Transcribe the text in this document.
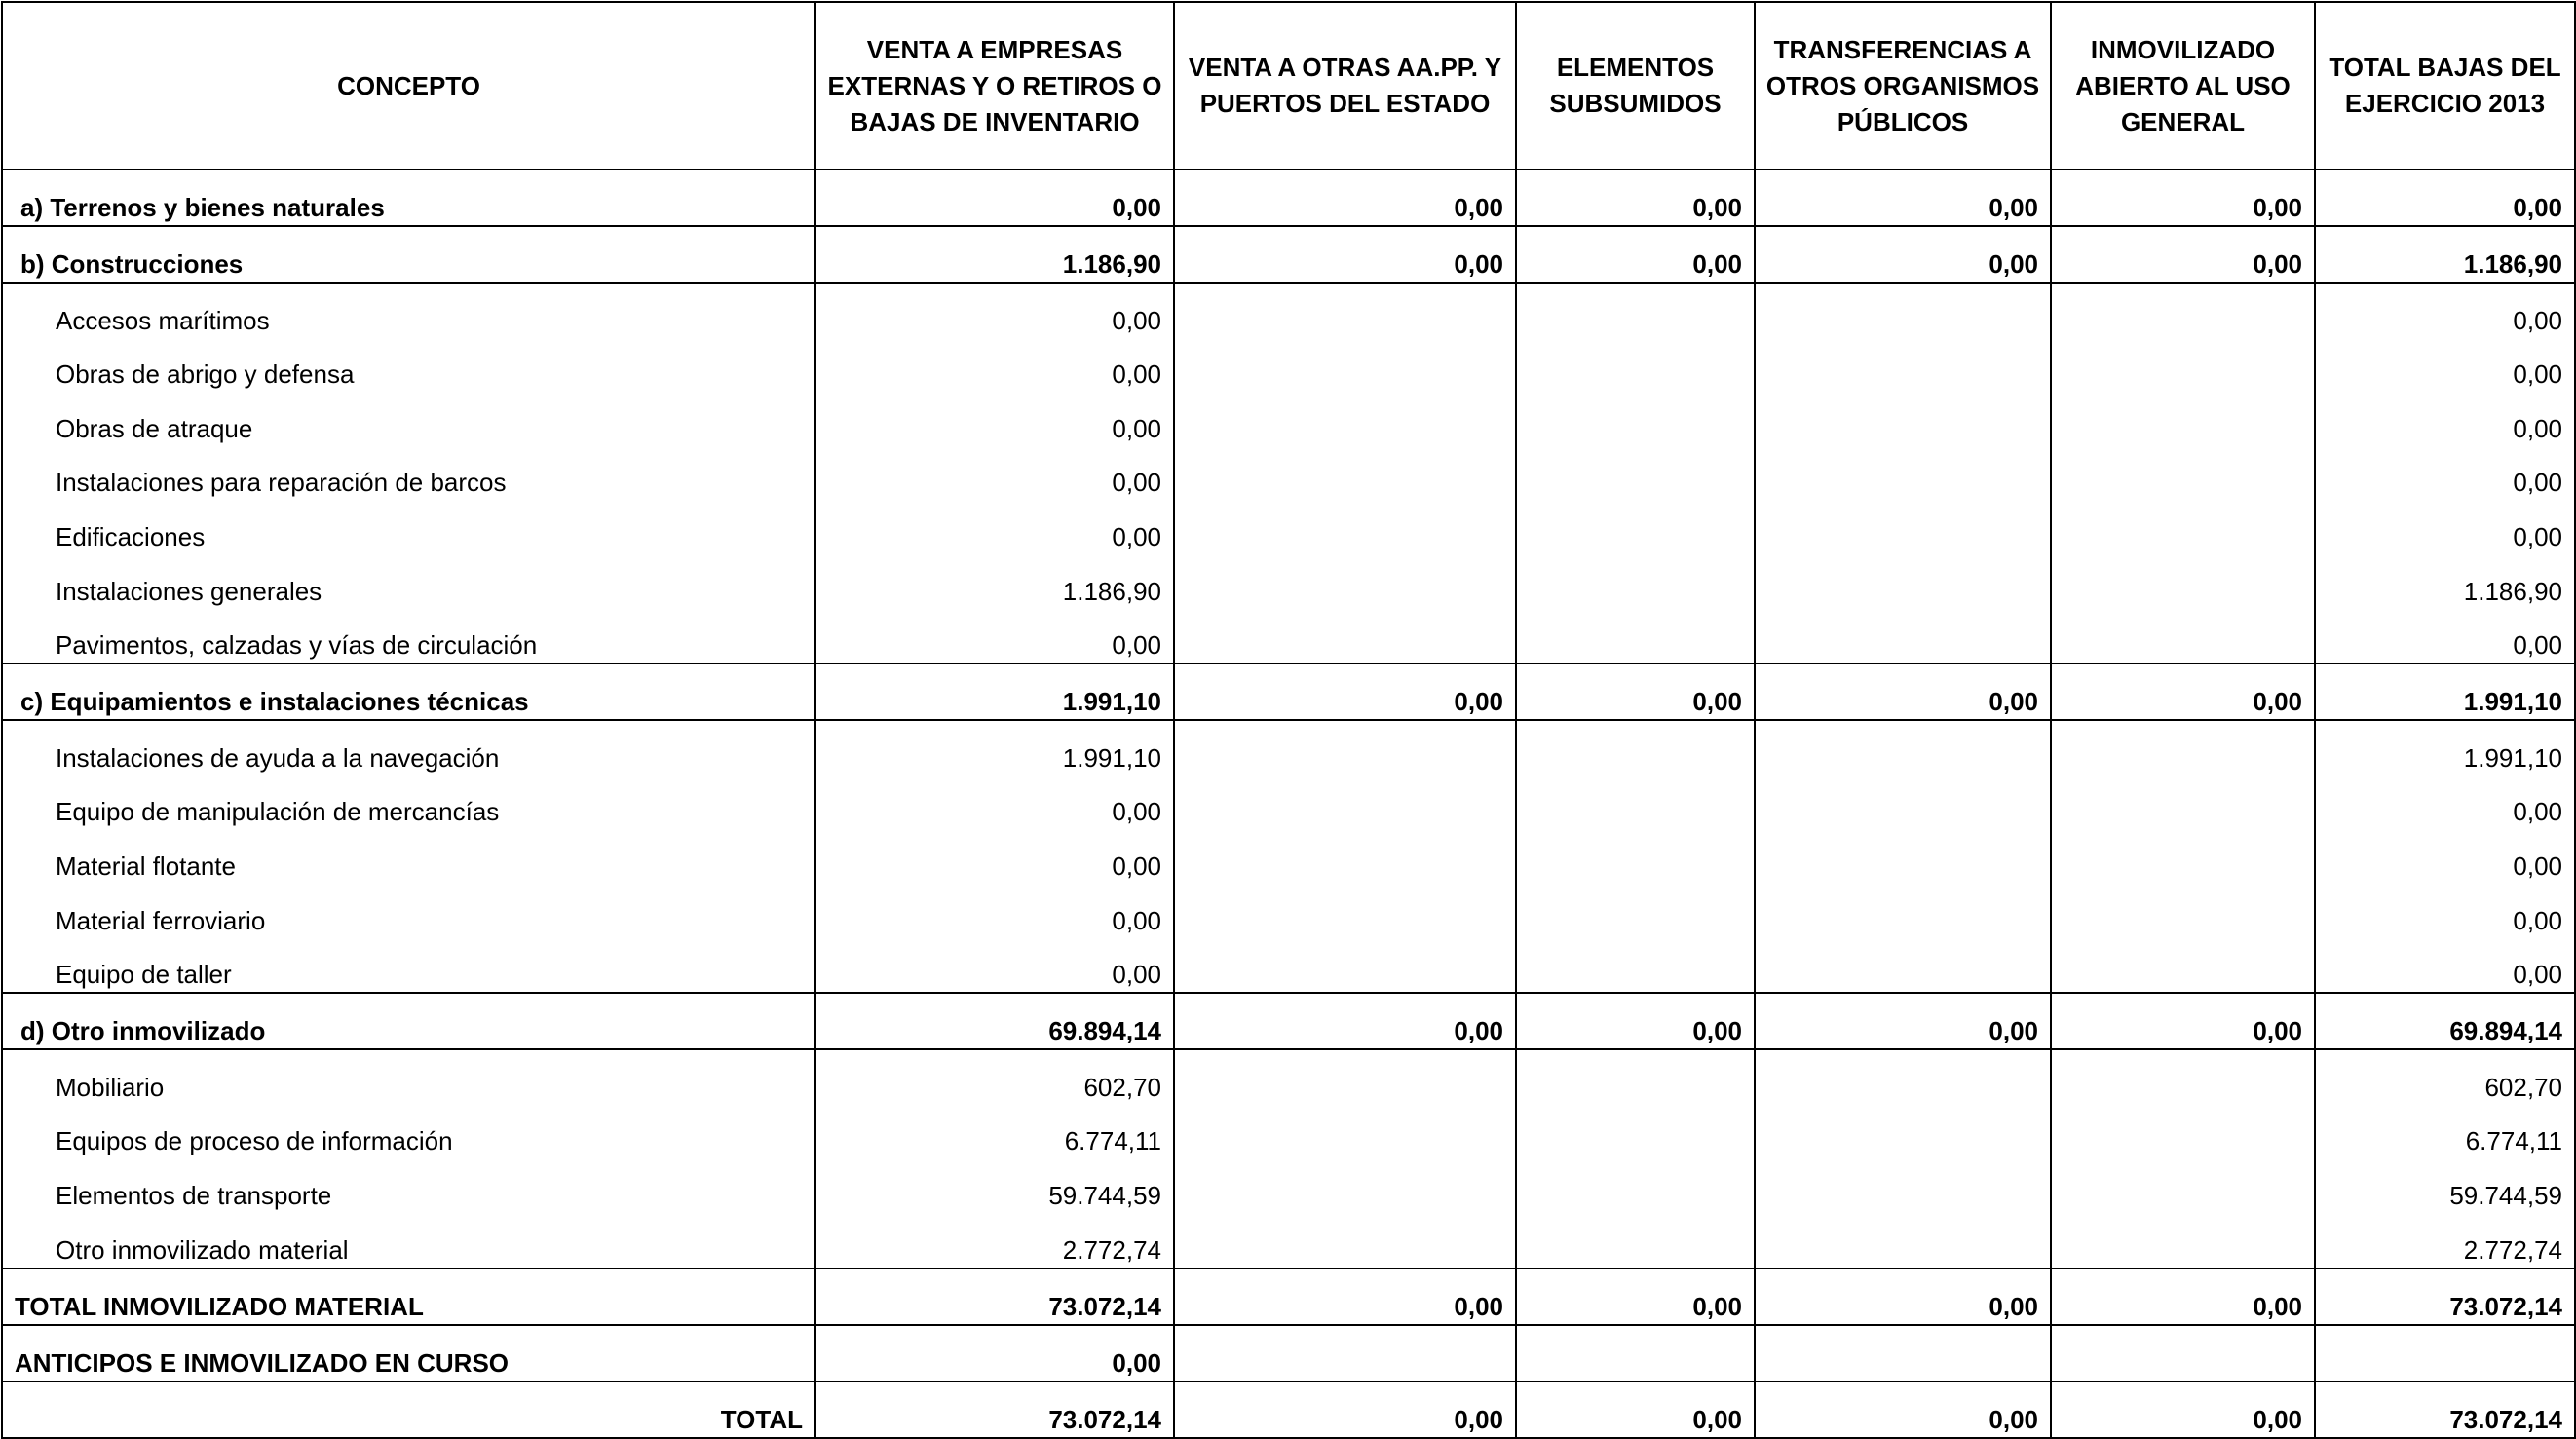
CONCEPTO	VENTA A EMPRESAS EXTERNAS Y O RETIROS O BAJAS DE INVENTARIO	VENTA A OTRAS AA.PP. Y PUERTOS DEL ESTADO	ELEMENTOS SUBSUMIDOS	TRANSFERENCIAS A OTROS ORGANISMOS PÚBLICOS	INMOVILIZADO ABIERTO AL USO GENERAL	TOTAL BAJAS DEL EJERCICIO 2013
a) Terrenos y bienes naturales	0,00	0,00	0,00	0,00	0,00	0,00
b) Construcciones	1.186,90	0,00	0,00	0,00	0,00	1.186,90
Accesos marítimos	0,00					0,00
Obras de abrigo y defensa	0,00					0,00
Obras de atraque	0,00					0,00
Instalaciones para reparación de barcos	0,00					0,00
Edificaciones	0,00					0,00
Instalaciones generales	1.186,90					1.186,90
Pavimentos, calzadas y vías de circulación	0,00					0,00
c) Equipamientos e instalaciones técnicas	1.991,10	0,00	0,00	0,00	0,00	1.991,10
Instalaciones de ayuda a la navegación	1.991,10					1.991,10
Equipo de manipulación de mercancías	0,00					0,00
Material flotante	0,00					0,00
Material ferroviario	0,00					0,00
Equipo de taller	0,00					0,00
d) Otro inmovilizado	69.894,14	0,00	0,00	0,00	0,00	69.894,14
Mobiliario	602,70					602,70
Equipos de proceso de información	6.774,11					6.774,11
Elementos de transporte	59.744,59					59.744,59
Otro inmovilizado material	2.772,74					2.772,74
TOTAL INMOVILIZADO MATERIAL	73.072,14	0,00	0,00	0,00	0,00	73.072,14
ANTICIPOS E INMOVILIZADO EN CURSO	0,00					
TOTAL	73.072,14	0,00	0,00	0,00	0,00	73.072,14
